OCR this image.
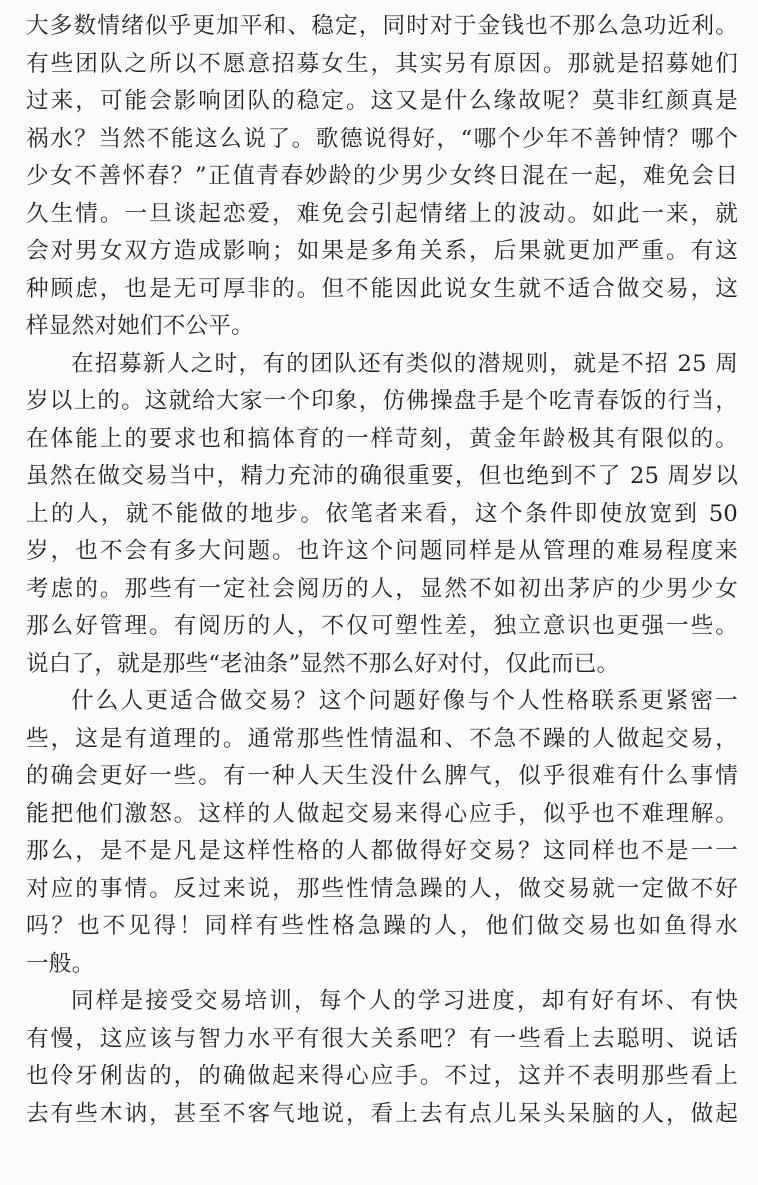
大多数情绪似乎更加平和、稳定，同时对于金钱也不那么急功近利。
有些团队之所以不愿意招募女生，其实另有原因。那就是招募她们
过来，可能会影响团队的稳定。这又是什么缘故呢？莫非红颜真是
祸水？当然不能这么说了。歌德说得好，“哪个少年不善钟情？哪个
少女不善怀春？”正值青春妙龄的少男少女终日混在一起，难免会日
久生情。一旦谈起恋爱，难免会引起情绪上的波动。如此一来，就
会对男女双方造成影响；如果是多角关系，后果就更加严重。有这
种顾虑，也是无可厚非的。但不能因此说女生就不适合做交易，这
样显然对她们不公平。
在招募新人之时，有的团队还有类似的潜规则，就是不招 25 周
岁以上的。这就给大家一个印象，仿佛操盘手是个吃青春饭的行当，
在体能上的要求也和搞体育的一样苛刻，黄金年龄极其有限似的。
虽然在做交易当中，精力充沛的确很重要，但也绝到不了 25 周岁以
上的人，就不能做的地步。依笔者来看，这个条件即使放宽到 50
岁，也不会有多大问题。也许这个问题同样是从管理的难易程度来
考虑的。那些有一定社会阅历的人，显然不如初出茅庐的少男少女
那么好管理。有阅历的人，不仅可塑性差，独立意识也更强一些。
说白了，就是那些“老油条”显然不那么好对付，仅此而已。
什么人更适合做交易？这个问题好像与个人性格联系更紧密一
些，这是有道理的。通常那些性情温和、不急不躁的人做起交易，
的确会更好一些。有一种人天生没什么脾气，似乎很难有什么事情
能把他们激怒。这样的人做起交易来得心应手，似乎也不难理解。
那么，是不是凡是这样性格的人都做得好交易？这同样也不是一一
对应的事情。反过来说，那些性情急躁的人，做交易就一定做不好
吗？也不见得！同样有些性格急躁的人，他们做交易也如鱼得水
一般。
同样是接受交易培训，每个人的学习进度，却有好有坏、有快
有慢，这应该与智力水平有很大关系吧？有一些看上去聪明、说话
也伶牙俐齿的，的确做起来得心应手。不过，这并不表明那些看上
去有些木讷，甚至不客气地说，看上去有点儿呆头呆脑的人，做起
